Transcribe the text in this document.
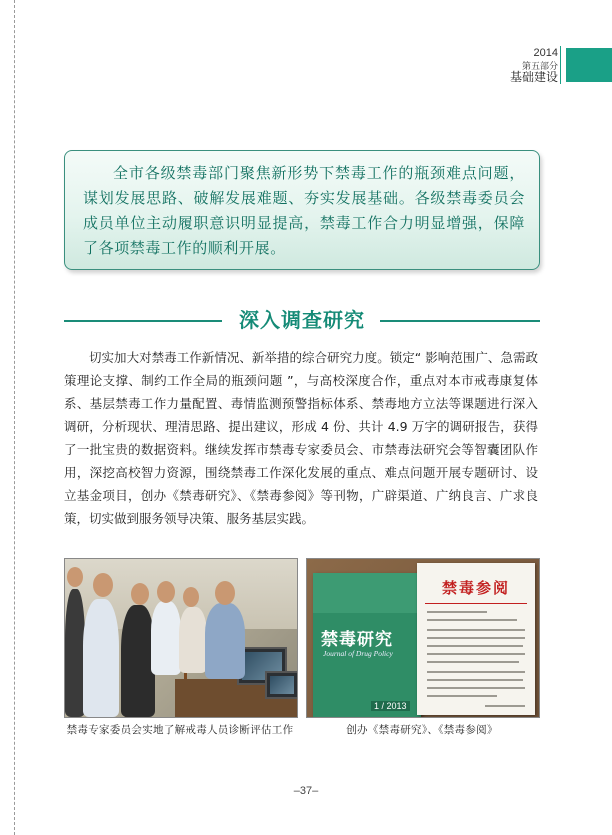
2014
第五部分
基础建设

全市各级禁毒部门聚焦新形势下禁毒工作的瓶颈难点问题，谋划发展思路、破解发展难题、夯实发展基础。各级禁毒委员会成员单位主动履职意识明显提高，禁毒工作合力明显增强，保障了各项禁毒工作的顺利开展。

深入调查研究

切实加大对禁毒工作新情况、新举措的综合研究力度。锁定“ 影响范围广、急需政策理论支撑、制约工作全局的瓶颈问题 ”，与高校深度合作，重点对本市戒毒康复体系、基层禁毒工作力量配置、毒情监测预警指标体系、禁毒地方立法等课题进行深入调研，分析现状、理清思路、提出建议，形成 4 份、共计 4.9 万字的调研报告，获得了一批宝贵的数据资料。继续发挥市禁毒专家委员会、市禁毒法研究会等智囊团队作用，深挖高校智力资源，围绕禁毒工作深化发展的重点、难点问题开展专题研讨、设立基金项目，创办《禁毒研究》、《禁毒参阅》等刊物，广辟渠道、广纳良言、广求良策，切实做到服务领导决策、服务基层实践。

禁毒研究
Journal of Drug Policy
1 / 2013
禁毒参阅
禁毒专家委员会实地了解戒毒人员诊断评估工作	创办《禁毒研究》、《禁毒参阅》
–37–
